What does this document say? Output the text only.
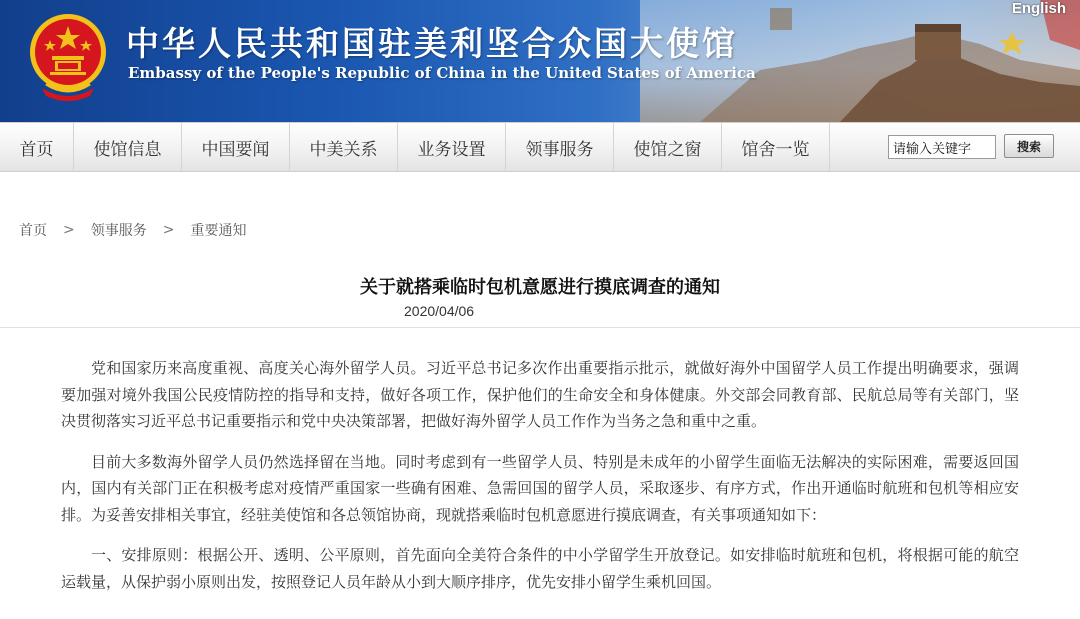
中华人民共和国驻美利坚合众国大使馆
Embassy of the People's Republic of China in the United States of America
English
首页	使馆信息	中国要闻	中美关系	业务设置	领事服务	使馆之窗	馆舍一览
请输入关键字	搜索
首页 > 领事服务 > 重要通知
关于就搭乘临时包机意愿进行摸底调查的通知
2020/04/06

党和国家历来高度重视、高度关心海外留学人员。习近平总书记多次作出重要指示批示，就做好海外中国留学人员工作提出明确要求，强调要加强对境外我国公民疫情防控的指导和支持，做好各项工作，保护他们的生命安全和身体健康。外交部会同教育部、民航总局等有关部门，坚决贯彻落实习近平总书记重要指示和党中央决策部署，把做好海外留学人员工作作为当务之急和重中之重。

目前大多数海外留学人员仍然选择留在当地。同时考虑到有一些留学人员、特别是未成年的小留学生面临无法解决的实际困难，需要返回国内，国内有关部门正在积极考虑对疫情严重国家一些确有困难、急需回国的留学人员，采取逐步、有序方式，作出开通临时航班和包机等相应安排。为妥善安排相关事宜，经驻美使馆和各总领馆协商，现就搭乘临时包机意愿进行摸底调查，有关事项通知如下：

一、安排原则：根据公开、透明、公平原则，首先面向全美符合条件的中小学留学生开放登记。如安排临时航班和包机，将根据可能的航空运载量，从保护弱小原则出发，按照登记人员年龄从小到大顺序排序，优先安排小留学生乘机回国。
